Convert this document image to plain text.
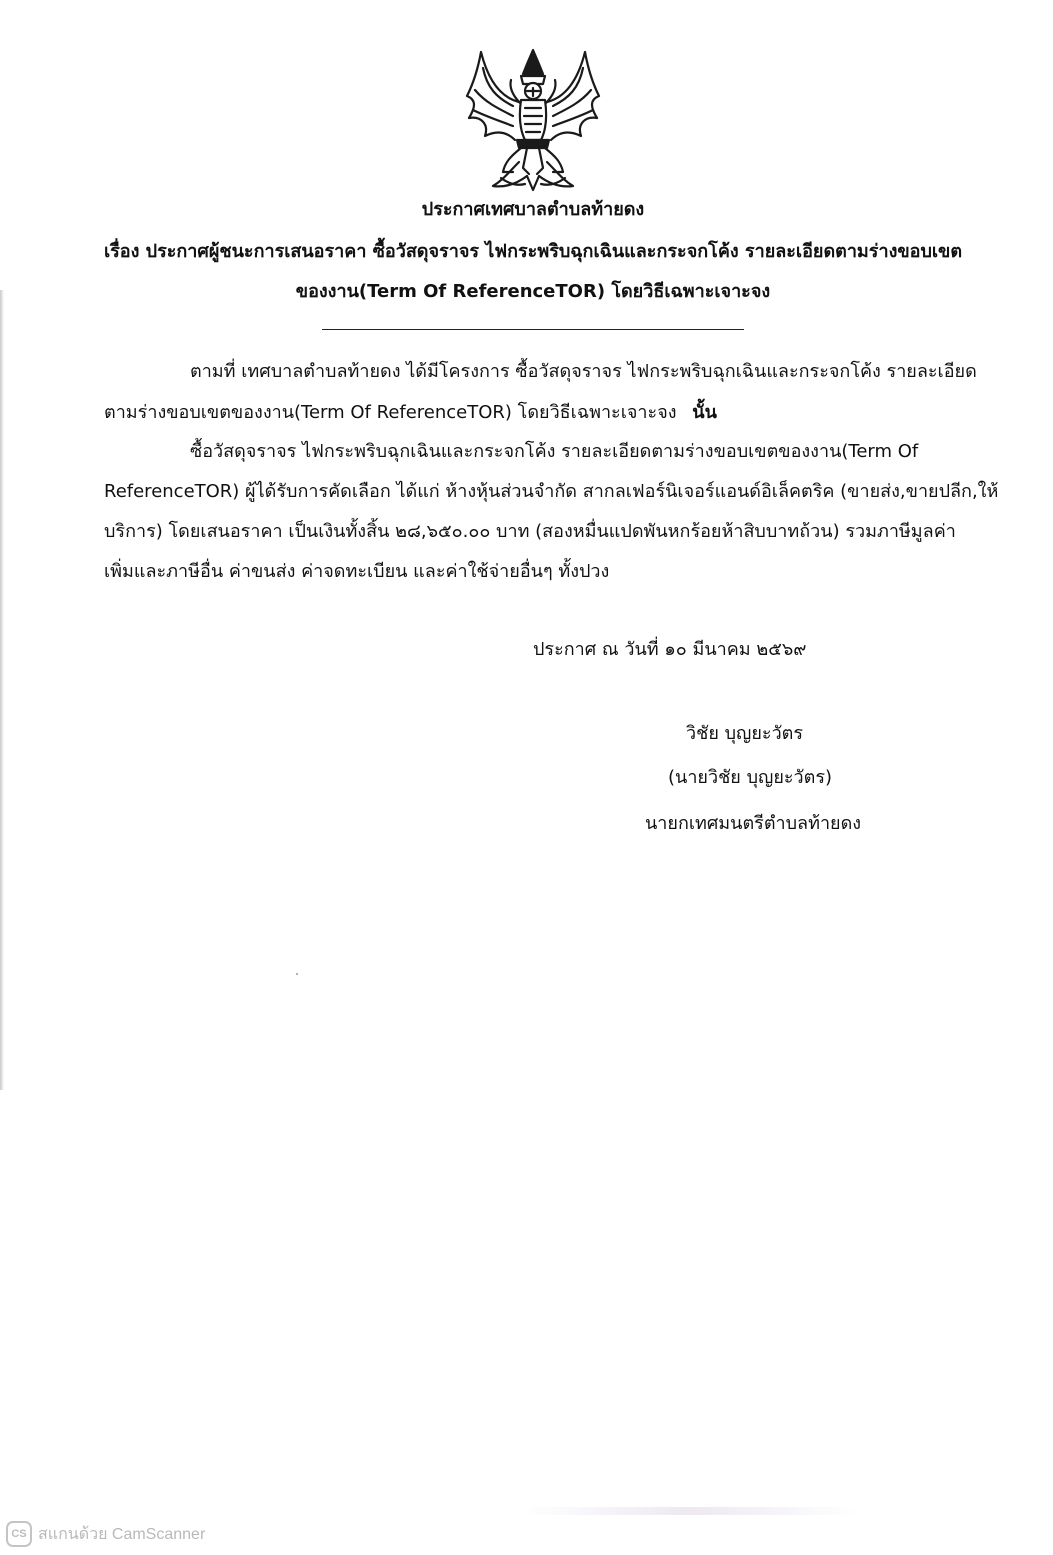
ประกาศเทศบาลตำบลท้ายดง
เรื่อง ประกาศผู้ชนะการเสนอราคา ซื้อวัสดุจราจร ไฟกระพริบฉุกเฉินและกระจกโค้ง รายละเอียดตามร่างขอบเขต
ของงาน(Term Of ReferenceTOR) โดยวิธีเฉพาะเจาะจง
ตามที่ เทศบาลตำบลท้ายดง ได้มีโครงการ ซื้อวัสดุจราจร ไฟกระพริบฉุกเฉินและกระจกโค้ง รายละเอียด
ตามร่างขอบเขตของงาน(Term Of ReferenceTOR) โดยวิธีเฉพาะเจาะจง นั้น
ซื้อวัสดุจราจร ไฟกระพริบฉุกเฉินและกระจกโค้ง รายละเอียดตามร่างขอบเขตของงาน(Term Of
ReferenceTOR) ผู้ได้รับการคัดเลือก ได้แก่ ห้างหุ้นส่วนจำกัด สากลเฟอร์นิเจอร์แอนด์อิเล็คตริค (ขายส่ง,ขายปลีก,ให้
บริการ) โดยเสนอราคา เป็นเงินทั้งสิ้น ๒๘,๖๕๐.๐๐ บาท (สองหมื่นแปดพันหกร้อยห้าสิบบาทถ้วน) รวมภาษีมูลค่า
เพิ่มและภาษีอื่น ค่าขนส่ง ค่าจดทะเบียน และค่าใช้จ่ายอื่นๆ ทั้งปวง
ประกาศ ณ วันที่ ๑๐ มีนาคม ๒๕๖๙
วิชัย บุญยะวัตร
(นายวิชัย บุญยะวัตร)
นายกเทศมนตรีตำบลท้ายดง
CS สแกนด้วย CamScanner
